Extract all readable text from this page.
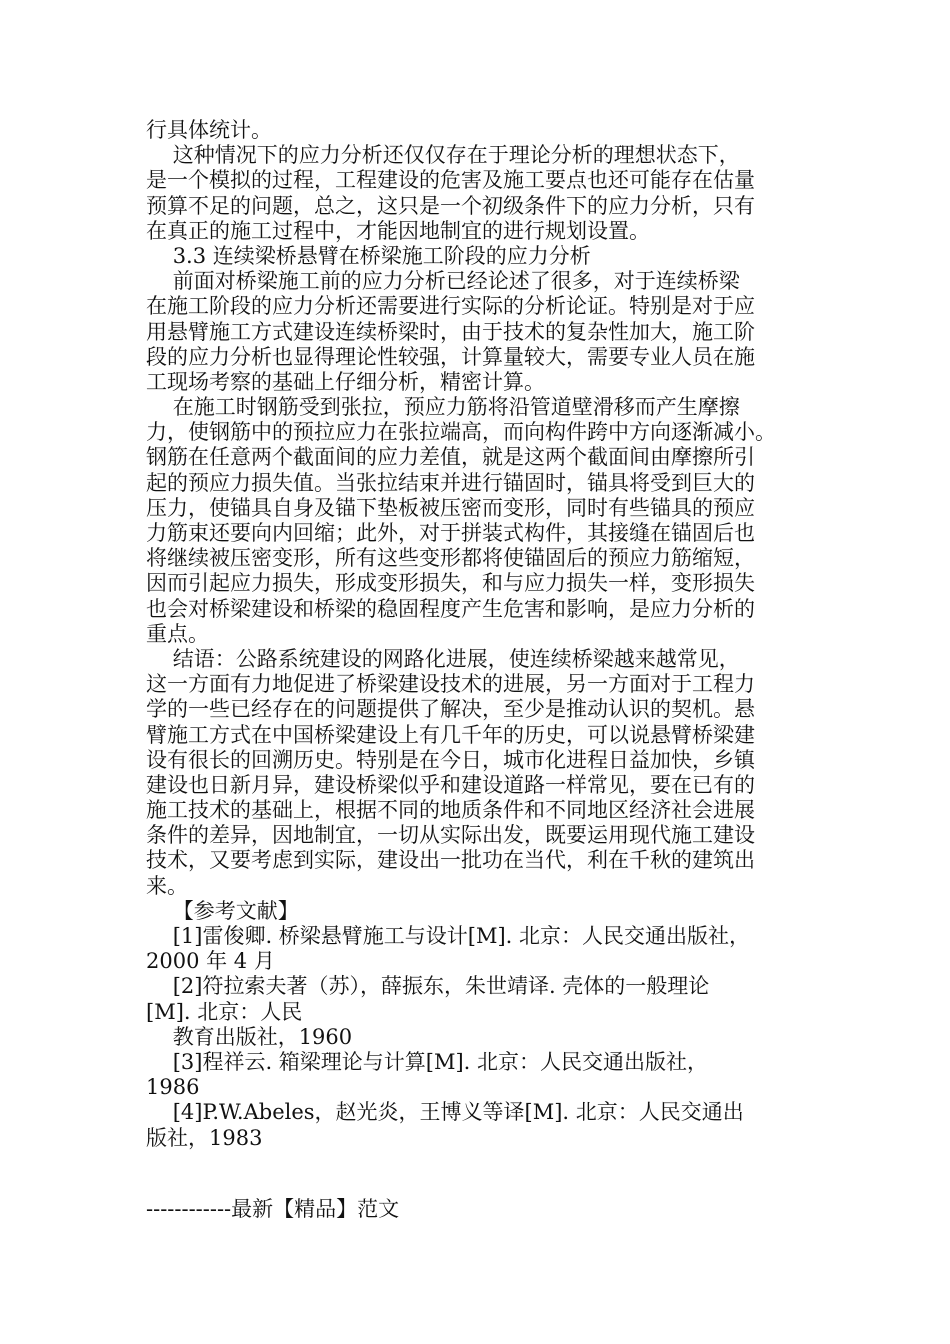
行具体统计。
这种情况下的应力分析还仅仅存在于理论分析的理想状态下，
是一个模拟的过程，工程建设的危害及施工要点也还可能存在估量
预算不足的问题，总之，这只是一个初级条件下的应力分析，只有
在真正的施工过程中，才能因地制宜的进行规划设置。
3.3 连续梁桥悬臂在桥梁施工阶段的应力分析
前面对桥梁施工前的应力分析已经论述了很多，对于连续桥梁
在施工阶段的应力分析还需要进行实际的分析论证。特别是对于应
用悬臂施工方式建设连续桥梁时，由于技术的复杂性加大，施工阶
段的应力分析也显得理论性较强，计算量较大，需要专业人员在施
工现场考察的基础上仔细分析，精密计算。
在施工时钢筋受到张拉，预应力筋将沿管道壁滑移而产生摩擦
力，使钢筋中的预拉应力在张拉端高，而向构件跨中方向逐渐减小。
钢筋在任意两个截面间的应力差值，就是这两个截面间由摩擦所引
起的预应力损失值。当张拉结束并进行锚固时，锚具将受到巨大的
压力，使锚具自身及锚下垫板被压密而变形，同时有些锚具的预应
力筋束还要向内回缩；此外，对于拼装式构件，其接缝在锚固后也
将继续被压密变形，所有这些变形都将使锚固后的预应力筋缩短，
因而引起应力损失，形成变形损失，和与应力损失一样，变形损失
也会对桥梁建设和桥梁的稳固程度产生危害和影响，是应力分析的
重点。
结语：公路系统建设的网路化进展，使连续桥梁越来越常见，
这一方面有力地促进了桥梁建设技术的进展，另一方面对于工程力
学的一些已经存在的问题提供了解决，至少是推动认识的契机。悬
臂施工方式在中国桥梁建设上有几千年的历史，可以说悬臂桥梁建
设有很长的回溯历史。特别是在今日，城市化进程日益加快，乡镇
建设也日新月异，建设桥梁似乎和建设道路一样常见，要在已有的
施工技术的基础上，根据不同的地质条件和不同地区经济社会进展
条件的差异，因地制宜，一切从实际出发，既要运用现代施工建设
技术，又要考虑到实际，建设出一批功在当代，利在千秋的建筑出
来。
【参考文献】
[1]雷俊卿. 桥梁悬臂施工与设计[M]. 北京：人民交通出版社，
2000 年 4 月
[2]符拉索夫著（苏），薛振东，朱世靖译. 壳体的一般理论
[M]. 北京：人民
教育出版社，1960
[3]程祥云. 箱梁理论与计算[M]. 北京：人民交通出版社，
1986
[4]P.W.Abeles，赵光炎，王博义等译[M]. 北京：人民交通出
版社，1983
------------最新【精品】范文
